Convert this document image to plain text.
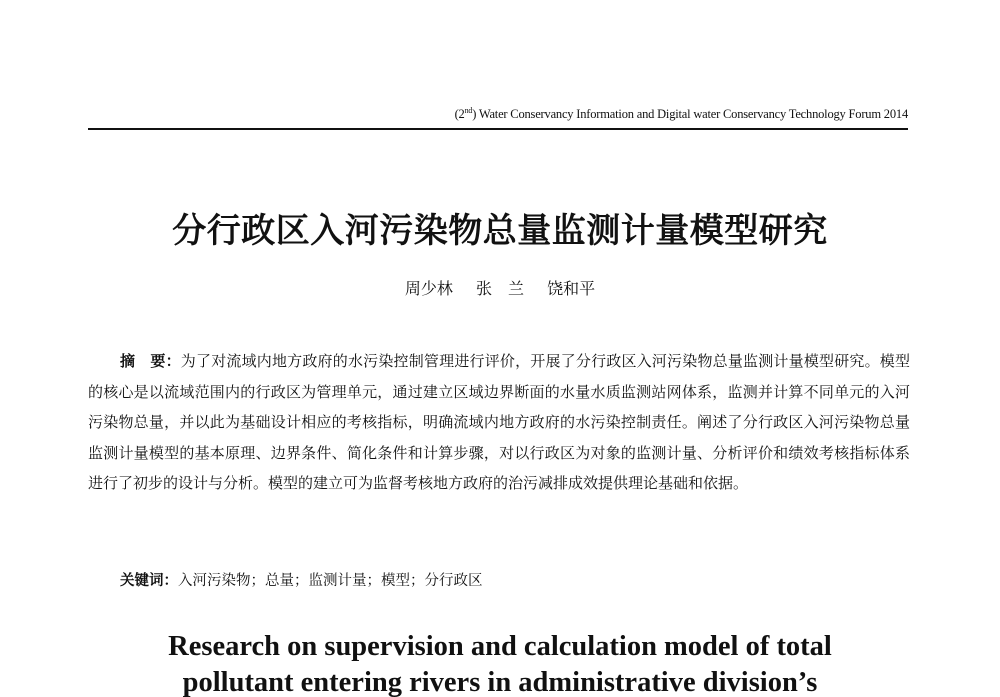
(2nd) Water Conservancy Information and Digital water Conservancy Technology Forum 2014
分行政区入河污染物总量监测计量模型研究
周少林 张　兰 饶和平

摘　要：为了对流域内地方政府的水污染控制管理进行评价，开展了分行政区入河污染物总量监测计量模型研究。模型的核心是以流域范围内的行政区为管理单元，通过建立区域边界断面的水量水质监测站网体系，监测并计算不同单元的入河污染物总量，并以此为基础设计相应的考核指标，明确流域内地方政府的水污染控制责任。阐述了分行政区入河污染物总量监测计量模型的基本原理、边界条件、简化条件和计算步骤，对以行政区为对象的监测计量、分析评价和绩效考核指标体系进行了初步的设计与分析。模型的建立可为监督考核地方政府的治污减排成效提供理论基础和依据。

关键词：入河污染物；总量；监测计量；模型；分行政区
Research on supervision and calculation model of total
pollutant entering rivers in administrative division’s
